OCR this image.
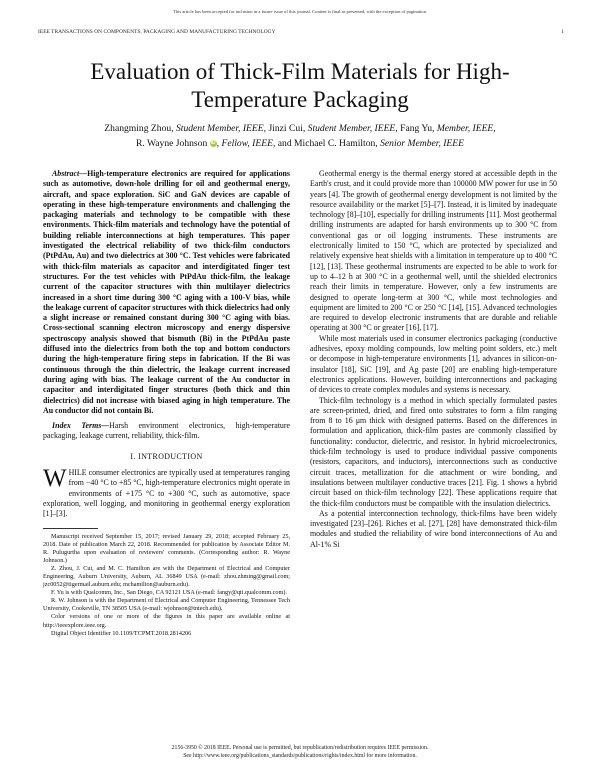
This article has been accepted for inclusion in a future issue of this journal. Content is final as presented, with the exception of pagination.
IEEE TRANSACTIONS ON COMPONENTS, PACKAGING AND MANUFACTURING TECHNOLOGY	1
Evaluation of Thick-Film Materials for High-Temperature Packaging
Zhangming Zhou, Student Member, IEEE, Jinzi Cui, Student Member, IEEE, Fang Yu, Member, IEEE,
R. Wayne Johnson iD, Fellow, IEEE, and Michael C. Hamilton, Senior Member, IEEE

Abstract—High-temperature electronics are required for applications such as automotive, down-hole drilling for oil and geothermal energy, aircraft, and space exploration. SiC and GaN devices are capable of operating in these high-temperature environments and challenging the packaging materials and technology to be compatible with these environments. Thick-film materials and technology have the potential of building reliable interconnections at high temperatures. This paper investigated the electrical reliability of two thick-film conductors (PtPdAu, Au) and two dielectrics at 300 °C. Test vehicles were fabricated with thick-film materials as capacitor and interdigitated finger test structures. For the test vehicles with PtPdAu thick-film, the leakage current of the capacitor structures with thin multilayer dielectrics increased in a short time during 300 °C aging with a 100-V bias, while the leakage current of capacitor structures with thick dielectrics had only a slight increase or remained constant during 300 °C aging with bias. Cross-sectional scanning electron microscopy and energy dispersive spectroscopy analysis showed that bismuth (Bi) in the PtPdAu paste diffused into the dielectrics from both the top and bottom conductors during the high-temperature firing steps in fabrication. If the Bi was continuous through the thin dielectric, the leakage current increased during aging with bias. The leakage current of the Au conductor in capacitor and interdigitated finger structures (both thick and thin dielectrics) did not increase with biased aging in high temperature. The Au conductor did not contain Bi.

Index Terms—Harsh environment electronics, high-temperature packaging, leakage current, reliability, thick-film.

I. INTRODUCTION

WHILE consumer electronics are typically used at temperatures ranging from −40 °C to +85 °C, high-temperature electronics might operate in environments of +175 °C to +300 °C, such as automotive, space exploration, well logging, and monitoring in geothermal energy exploration [1]–[3].

Manuscript received September 15, 2017; revised January 29, 2018; accepted February 25, 2018. Date of publication March 22, 2018. Recommended for publication by Associate Editor M. R. Pulugurtha upon evaluation of reviewers' comments. (Corresponding author: R. Wayne Johnson.)

Z. Zhou, J. Cui, and M. C. Hamilton are with the Department of Electrical and Computer Engineering, Auburn University, Auburn, AL 36849 USA (e-mail: zhou.zhming@gmail.com; jzc0052@tigermail.auburn.edu; mchamilton@auburn.edu).

F. Yu is with Qualcomm, Inc., San Diego, CA 92121 USA (e-mail: fangy@qti.qualcomm.com).

R. W. Johnson is with the Department of Electrical and Computer Engineering, Tennessee Tech University, Cookeville, TN 38505 USA (e-mail: wjohnson@tntech.edu).

Color versions of one or more of the figures in this paper are available online at http://ieeexplore.ieee.org.

Digital Object Identifier 10.1109/TCPMT.2018.2814206

Geothermal energy is the thermal energy stored at accessible depth in the Earth's crust, and it could provide more than 100000 MW power for use in 50 years [4]. The growth of geothermal energy development is not limited by the resource availability or the market [5]–[7]. Instead, it is limited by inadequate technology [8]–[10], especially for drilling instruments [11]. Most geothermal drilling instruments are adapted for harsh environments up to 300 °C from conventional gas or oil logging instruments. These instruments are electronically limited to 150 °C, which are protected by specialized and relatively expensive heat shields with a limitation in temperature up to 400 °C [12], [13]. These geothermal instruments are expected to be able to work for up to 4–12 h at 300 °C in a geothermal well, until the shielded electronics reach their limits in temperature. However, only a few instruments are designed to operate long-term at 300 °C, while most technologies and equipment are limited to 200 °C or 250 °C [14], [15]. Advanced technologies are required to develop electronic instruments that are durable and reliable operating at 300 °C or greater [16], [17].

While most materials used in consumer electronics packaging (conductive adhesives, epoxy molding compounds, low melting point solders, etc.) melt or decompose in high-temperature environments [1], advances in silicon-on-insulator [18], SiC [19], and Ag paste [20] are enabling high-temperature electronics applications. However, building interconnections and packaging of devices to create complex modules and systems is necessary.

Thick-film technology is a method in which specially formulated pastes are screen-printed, dried, and fired onto substrates to form a film ranging from 8 to 16 μm thick with designed patterns. Based on the differences in formulation and application, thick-film pastes are commonly classified by functionality: conductor, dielectric, and resistor. In hybrid microelectronics, thick-film technology is used to produce individual passive components (resistors, capacitors, and inductors), interconnections such as conductive circuit traces, metallization for die attachment or wire bonding, and insulations between multilayer conductive traces [21]. Fig. 1 shows a hybrid circuit based on thick-film technology [22]. These applications require that the thick-film conductors must be compatible with the insulation dielectrics.

As a potential interconnection technology, thick-films have been widely investigated [23]–[26]. Riches et al. [27], [28] have demonstrated thick-film modules and studied the reliability of wire bond interconnections of Au and Al-1% Si

2156-3950 © 2018 IEEE. Personal use is permitted, but republication/redistribution requires IEEE permission.
See http://www.ieee.org/publications_standards/publications/rights/index.html for more information.
